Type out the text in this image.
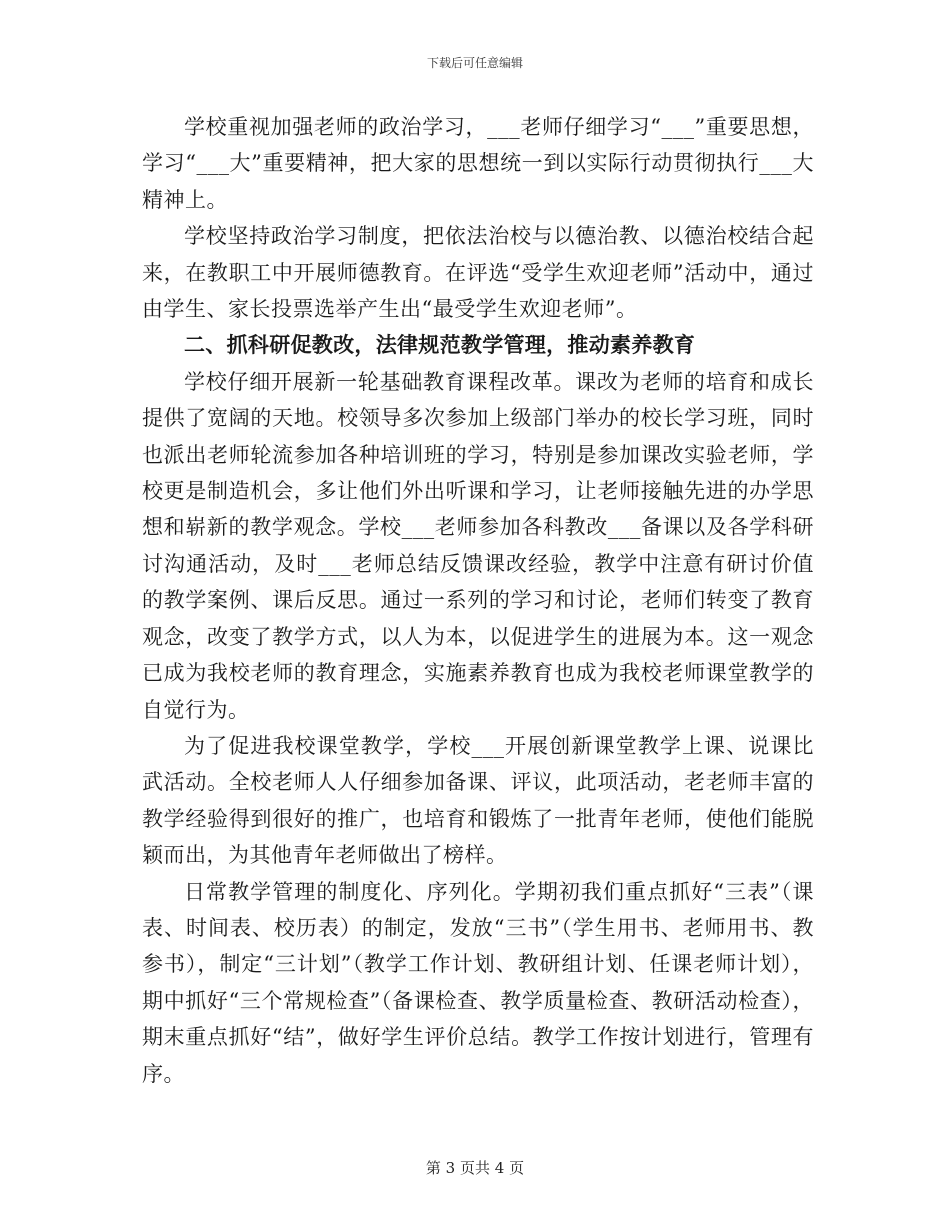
下载后可任意编辑

学校重视加强老师的政治学习，___老师仔细学习“___”重要思想，学习“___大”重要精神，把大家的思想统一到以实际行动贯彻执行___大精神上。

学校坚持政治学习制度，把依法治校与以德治教、以德治校结合起来，在教职工中开展师德教育。在评选“受学生欢迎老师”活动中，通过由学生、家长投票选举产生出“最受学生欢迎老师”。

二、抓科研促教改，法律规范教学管理，推动素养教育

学校仔细开展新一轮基础教育课程改革。课改为老师的培育和成长提供了宽阔的天地。校领导多次参加上级部门举办的校长学习班，同时也派出老师轮流参加各种培训班的学习，特别是参加课改实验老师，学校更是制造机会，多让他们外出听课和学习，让老师接触先进的办学思想和崭新的教学观念。学校___老师参加各科教改___备课以及各学科研讨沟通活动，及时___老师总结反馈课改经验，教学中注意有研讨价值的教学案例、课后反思。通过一系列的学习和讨论，老师们转变了教育观念，改变了教学方式，以人为本，以促进学生的进展为本。这一观念已成为我校老师的教育理念，实施素养教育也成为我校老师课堂教学的自觉行为。

为了促进我校课堂教学，学校___开展创新课堂教学上课、说课比武活动。全校老师人人仔细参加备课、评议，此项活动，老老师丰富的教学经验得到很好的推广，也培育和锻炼了一批青年老师，使他们能脱颖而出，为其他青年老师做出了榜样。

日常教学管理的制度化、序列化。学期初我们重点抓好“三表”（课表、时间表、校历表）的制定，发放“三书”（学生用书、老师用书、教参书），制定“三计划”（教学工作计划、教研组计划、任课老师计划），期中抓好“三个常规检查”（备课检查、教学质量检查、教研活动检查），期末重点抓好“结”，做好学生评价总结。教学工作按计划进行，管理有序。

第 3 页共 4 页
